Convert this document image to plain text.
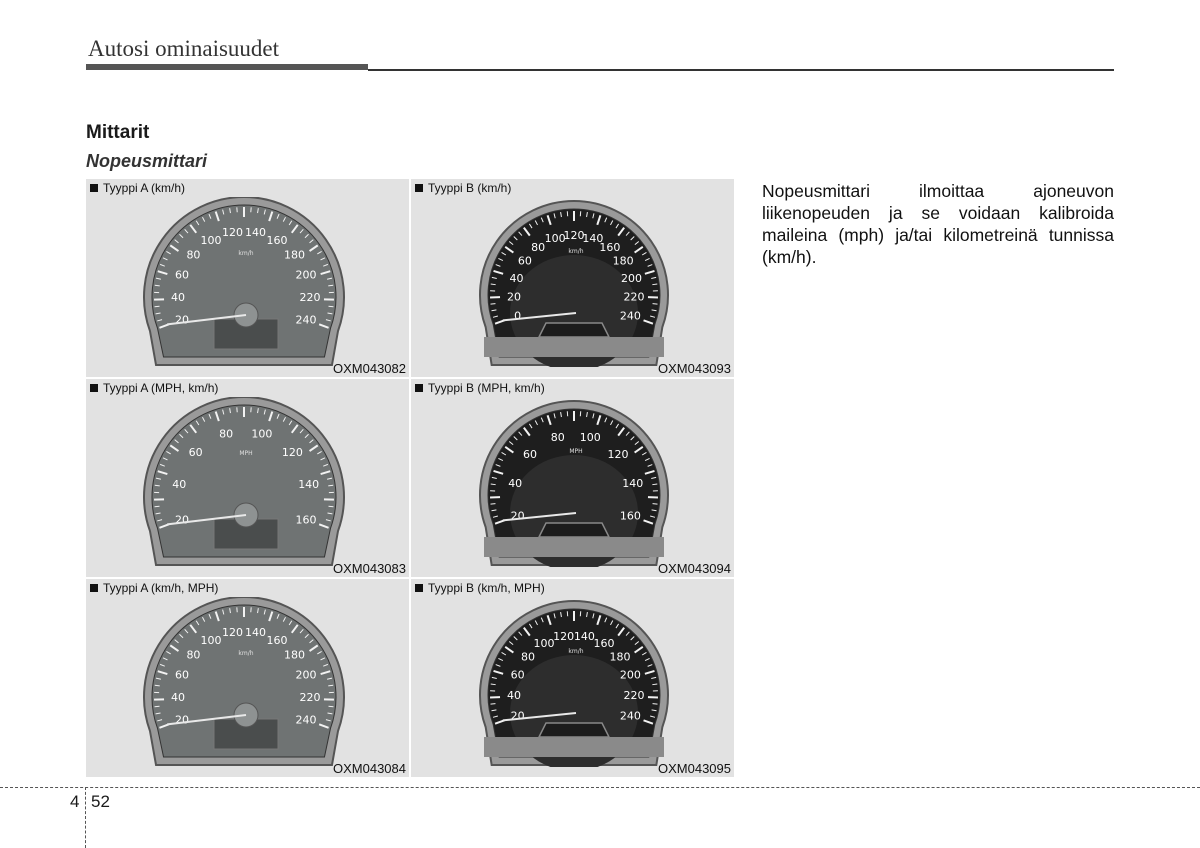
Autosi ominaisuudet
Mittarit
Nopeusmittari
Tyyppi A (km/h)
20
40
60
80
100
120 140
160
180
200
220
240
km/h
OXM043082
Tyyppi B (km/h)
0
20
40
60
80
100
120
140
160
180
200
220
240
km/h
OXM043093
Tyyppi A (MPH, km/h)
20
40
60
80 100
120
140
160
MPH
OXM043083
Tyyppi B (MPH, km/h)
20
40
60
80 100
120
140
160
MPH
OXM043094
Tyyppi A (km/h, MPH)
20
40
60
80
100
120 140
160
180
200
220
240
km/h
OXM043084
Tyyppi B (km/h, MPH)
20
40
60
80
100
120 140
160
180
200
220
240
km/h
OXM043095
Nopeusmittari ilmoittaa ajoneuvon liikenopeuden ja se voidaan kalibroida maileina (mph) ja/tai kilometreinä tunnissa (km/h).
4 52
